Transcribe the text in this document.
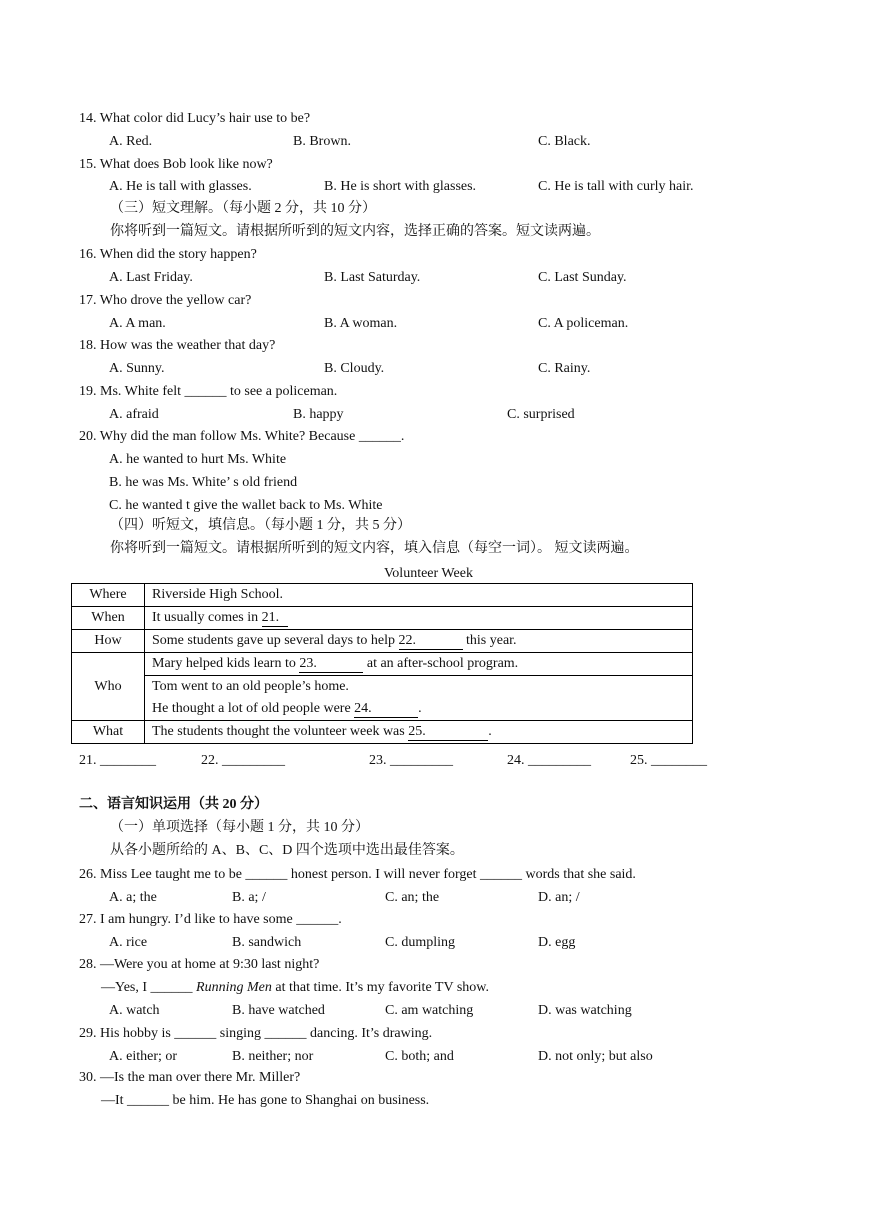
14. What color did Lucy’s hair use to be?
A. Red.	B. Brown.	C. Black.
15. What does Bob look like now?
A. He is tall with glasses.	B. He is short with glasses.	C. He is tall with curly hair.
（三）短文理解。（每小题 2 分，共 10 分）
你将听到一篇短文。请根据所听到的短文内容，选择正确的答案。短文读两遍。
16. When did the story happen?
A. Last Friday.	B. Last Saturday.	C. Last Sunday.
17. Who drove the yellow car?
A. A man.	B. A woman.	C. A policeman.
18. How was the weather that day?
A. Sunny.	B. Cloudy.	C. Rainy.
19. Ms. White felt ______ to see a policeman.
A. afraid	B. happy	C. surprised
20. Why did the man follow Ms. White? Because ______.
A. he wanted to hurt Ms. White
B. he was Ms. White’ s old friend
C. he wanted t give the wallet back to Ms. White
（四）听短文，填信息。（每小题 1 分，共 5 分）
你将听到一篇短文。请根据所听到的短文内容，填入信息（每空一词）。 短文读两遍。
Volunteer Week
Where	Riverside High School.
When	It usually comes in 21.
How	Some students gave up several days to help 22. this year.
Who	Mary helped kids learn to 23. at an after-school program.
	Tom went to an old people’s home.
	He thought a lot of old people were 24. .
What	The students thought the volunteer week was 25. .
21. ________	22. _________	23. _________	24. _________	25. ________
二、语言知识运用（共 20 分）
（一）单项选择（每小题 1 分，共 10 分）
从各小题所给的 A、B、C、D 四个选项中选出最佳答案。
26. Miss Lee taught me to be ______ honest person. I will never forget ______ words that she said.
A. a; the	B. a; /	C. an; the	D. an; /
27. I am hungry. I’d like to have some ______.
A. rice	B. sandwich	C. dumpling	D. egg
28. —Were you at home at 9:30 last night?
—Yes, I ______ Running Men at that time. It’s my favorite TV show.
A. watch	B. have watched	C. am watching	D. was watching
29. His hobby is ______ singing ______ dancing. It’s drawing.
A. either; or	B. neither; nor	C. both; and	D. not only; but also
30. —Is the man over there Mr. Miller?
—It ______ be him. He has gone to Shanghai on business.
